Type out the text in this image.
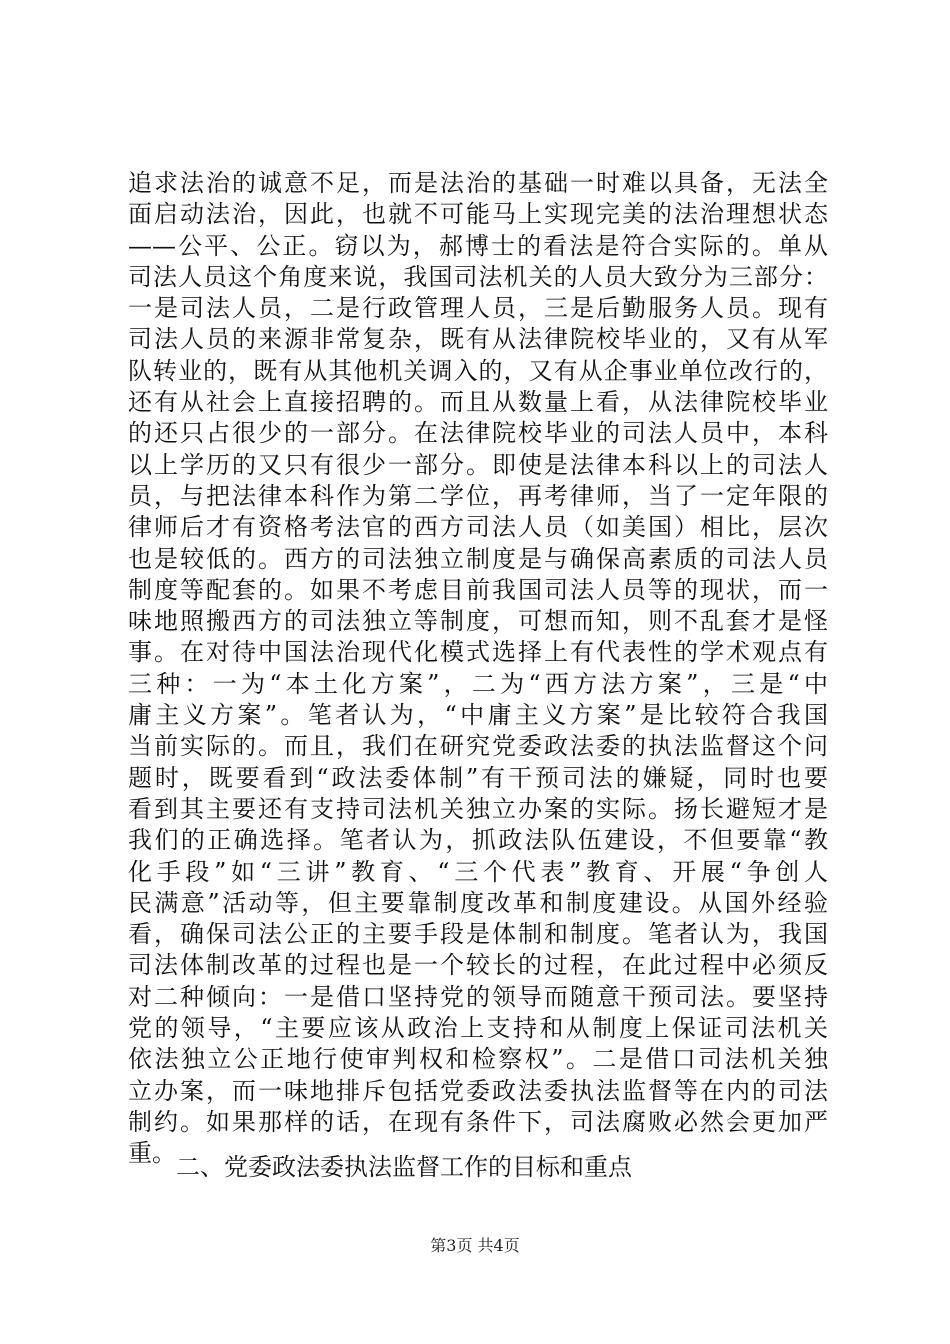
追求法治的诚意不足，而是法治的基础一时难以具备，无法全
面启动法治，因此，也就不可能马上实现完美的法治理想状态
——公平、公正。窃以为，郝博士的看法是符合实际的。单从
司法人员这个角度来说，我国司法机关的人员大致分为三部分：
一是司法人员，二是行政管理人员，三是后勤服务人员。现有
司法人员的来源非常复杂，既有从法律院校毕业的，又有从军
队转业的，既有从其他机关调入的，又有从企事业单位改行的，
还有从社会上直接招聘的。而且从数量上看，从法律院校毕业
的还只占很少的一部分。在法律院校毕业的司法人员中，本科
以上学历的又只有很少一部分。即使是法律本科以上的司法人
员，与把法律本科作为第二学位，再考律师，当了一定年限的
律师后才有资格考法官的西方司法人员（如美国）相比，层次
也是较低的。西方的司法独立制度是与确保高素质的司法人员
制度等配套的。如果不考虑目前我国司法人员等的现状，而一
味地照搬西方的司法独立等制度，可想而知，则不乱套才是怪
事。在对待中国法治现代化模式选择上有代表性的学术观点有
三种：一为“本土化方案”，二为“西方法方案”，三是“中
庸主义方案”。笔者认为，“中庸主义方案”是比较符合我国
当前实际的。而且，我们在研究党委政法委的执法监督这个问
题时，既要看到“政法委体制”有干预司法的嫌疑，同时也要
看到其主要还有支持司法机关独立办案的实际。扬长避短才是
我们的正确选择。笔者认为，抓政法队伍建设，不但要靠“教
化手段”如“三讲”教育、“三个代表”教育、开展“争创人
民满意”活动等，但主要靠制度改革和制度建设。从国外经验
看，确保司法公正的主要手段是体制和制度。笔者认为，我国
司法体制改革的过程也是一个较长的过程，在此过程中必须反
对二种倾向：一是借口坚持党的领导而随意干预司法。要坚持
党的领导，“主要应该从政治上支持和从制度上保证司法机关
依法独立公正地行使审判权和检察权”。二是借口司法机关独
立办案，而一味地排斥包括党委政法委执法监督等在内的司法
制约。如果那样的话，在现有条件下，司法腐败必然会更加严
重。 二、党委政法委执法监督工作的目标和重点
第3页 共4页
